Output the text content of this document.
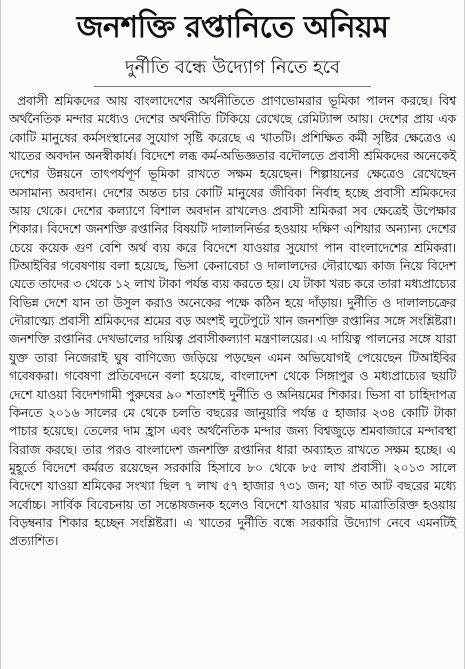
জনশক্তি রপ্তানিতে অনিয়ম
দুর্নীতি বন্ধে উদ্যোগ নিতে হবে

প্রবাসী শ্রমিকদের আয় বাংলাদেশের অর্থনীতিতে প্রাণভোমরার ভূমিকা পালন করছে। বিশ্ব অর্থনৈতিক মন্দার মধ্যেও দেশের অর্থনীতি টিকিয়ে রেখেছে রেমিট্যান্স আয়। দেশের প্রায় এক কোটি মানুষের কর্মসংস্থানের সুযোগ সৃষ্টি করেছে এ খাতটি। প্রশিক্ষিত কর্মী সৃষ্টির ক্ষেত্রেও এ খাতের অবদান অনস্বীকার্য। বিদেশে লব্ধ কর্ম-অভিজ্ঞতার বদৌলতে প্রবাসী শ্রমিকদের অনেকেই দেশের উন্নয়নে তাৎপর্যপূর্ণ ভূমিকা রাখতে সক্ষম হয়েছেন। শিল্পায়নের ক্ষেত্রেও রেখেছেন অসামান্য অবদান। দেশের অন্তত চার কোটি মানুষের জীবিকা নির্বাহ হচ্ছে প্রবাসী শ্রমিকদের আয় থেকে। দেশের কল্যাণে বিশাল অবদান রাখলেও প্রবাসী শ্রমিকরা সব ক্ষেত্রেই উপেক্ষার শিকার। বিদেশে জনশক্তি রপ্তানির বিষয়টি দালালনির্ভর হওয়ায় দক্ষিণ এশিয়ার অন্যান্য দেশের চেয়ে কয়েক গুণ বেশি অর্থ ব্যয় করে বিদেশে যাওয়ার সুযোগ পান বাংলাদেশের শ্রমিকরা। টিআইবির গবেষণায় বলা হয়েছে, ভিসা কেনাবেচা ও দালালদের দৌরাত্ম্যে কাজ নিয়ে বিদেশ যেতে তাদের ৩ থেকে ১২ লাখ টাকা পর্যন্ত ব্যয় করতে হয়। যে টাকা খরচ করে তারা মধ্যপ্রাচ্যের বিভিন্ন দেশে যান তা উসুল করাও অনেকের পক্ষে কঠিন হয়ে দাঁড়ায়। দুর্নীতি ও দালালচক্রের দৌরাত্ম্যে প্রবাসী শ্রমিকদের শ্রমের বড় অংশই লুটেপুটে খান জনশক্তি রপ্তানির সঙ্গে সংশ্লিষ্টরা। জনশক্তি রপ্তানির দেখভালের দায়িত্ব প্রবাসীকল্যাণ মন্ত্রণালয়ের। এ দায়িত্ব পালনের সঙ্গে যারা যুক্ত তারা নিজেরাই ঘুষ বাণিজ্যে জড়িয়ে পড়ছেন এমন অভিযোগই পেয়েছেন টিআইবির গবেষকরা। গবেষণা প্রতিবেদনে বলা হয়েছে, বাংলাদেশ থেকে সিঙ্গাপুর ও মধ্যপ্রাচ্যের ছয়টি দেশে যাওয়া বিদেশগামী পুরুষের ৯০ শতাংশই দুর্নীতি ও অনিয়মের শিকার। ভিসা বা চাহিদাপত্র কিনতে ২০১৬ সালের মে থেকে চলতি বছরের জানুয়ারি পর্যন্ত ৫ হাজার ২৩৪ কোটি টাকা পাচার হয়েছে। তেলের দাম হ্রাস এবং অর্থনৈতিক মন্দার জন্য বিশ্বজুড়ে শ্রমবাজারে মন্দাবস্থা বিরাজ করছে। তার পরও বাংলাদেশ জনশক্তি রপ্তানির ধারা অব্যাহত রাখতে সক্ষম হচ্ছে। এ মুহূর্তে বিদেশে কর্মরত রয়েছেন সরকারি হিসাবে ৮০ থেকে ৮৫ লাখ প্রবাসী। ২০১৩ সালে বিদেশে যাওয়া শ্রমিকের সংখ্যা ছিল ৭ লাখ ৫৭ হাজার ৭৩১ জন; যা গত আট বছরের মধ্যে সর্বোচ্চ। সার্বিক বিবেচনায় তা সন্তোষজনক হলেও বিদেশে যাওয়ার খরচ মাত্রাতিরিক্ত হওয়ায় বিড়ম্বনার শিকার হচ্ছেন সংশ্লিষ্টরা। এ খাতের দুর্নীতি বন্ধে সরকারি উদ্যোগ নেবে এমনটিই প্রত্যাশিত।
